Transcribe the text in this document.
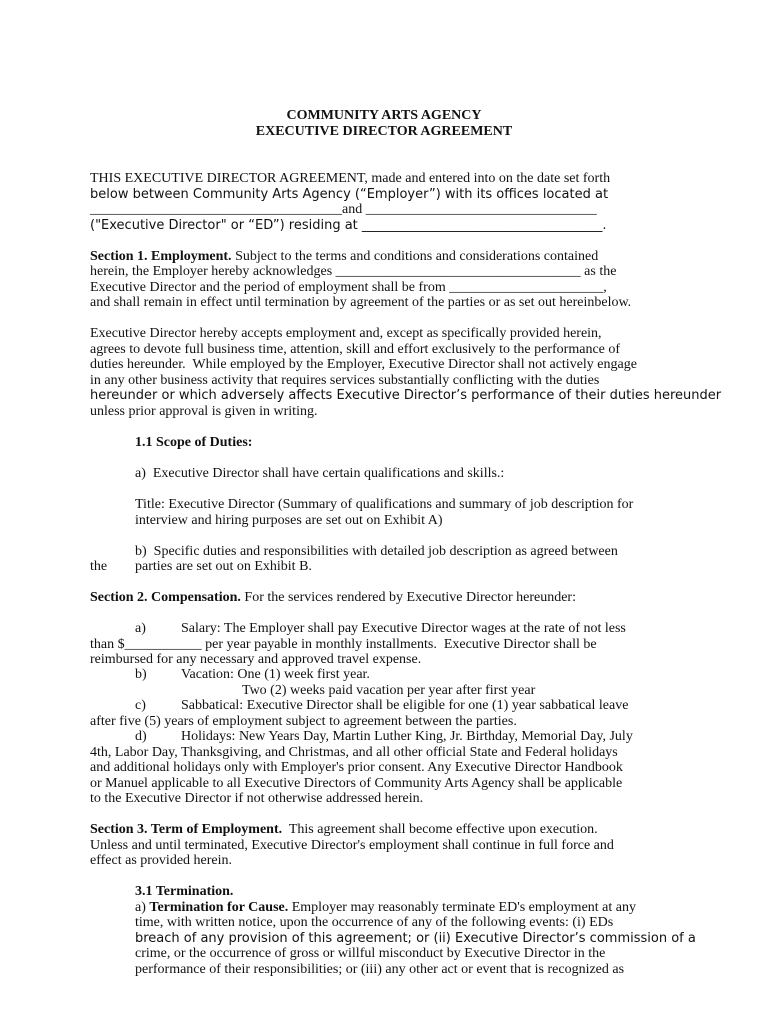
COMMUNITY ARTS AGENCY
EXECUTIVE DIRECTOR AGREEMENT
THIS EXECUTIVE DIRECTOR AGREEMENT, made and entered into on the date set forth
below between Community Arts Agency (“Employer”) with its offices located at
____________________________________and _________________________________
("Executive Director" or “ED”) residing at _____________________________________.
Section 1. Employment. Subject to the terms and conditions and considerations contained
herein, the Employer hereby acknowledges ___________________________________ as the
Executive Director and the period of employment shall be from ______________________,
and shall remain in effect until termination by agreement of the parties or as set out hereinbelow.
Executive Director hereby accepts employment and, except as specifically provided herein,
agrees to devote full business time, attention, skill and effort exclusively to the performance of
duties hereunder.  While employed by the Employer, Executive Director shall not actively engage
in any other business activity that requires services substantially conflicting with the duties
hereunder or which adversely affects Executive Director’s performance of their duties hereunder
unless prior approval is given in writing.
1.1 Scope of Duties:
a)  Executive Director shall have certain qualifications and skills.:
Title: Executive Director (Summary of qualifications and summary of job description for
interview and hiring purposes are set out on Exhibit A)
b)  Specific duties and responsibilities with detailed job description as agreed between
the parties are set out on Exhibit B.
Section 2. Compensation. For the services rendered by Executive Director hereunder:
a)	Salary: The Employer shall pay Executive Director wages at the rate of not less
than $___________ per year payable in monthly installments.  Executive Director shall be
reimbursed for any necessary and approved travel expense.
b) Vacation: One (1) week first year.
Two (2) weeks paid vacation per year after first year
c)	Sabbatical: Executive Director shall be eligible for one (1) year sabbatical leave
after five (5) years of employment subject to agreement between the parties.
d) Holidays: New Years Day, Martin Luther King, Jr. Birthday, Memorial Day, July
4th, Labor Day, Thanksgiving, and Christmas, and all other official State and Federal holidays
and additional holidays only with Employer's prior consent. Any Executive Director Handbook
or Manuel applicable to all Executive Directors of Community Arts Agency shall be applicable
to the Executive Director if not otherwise addressed herein.
Section 3. Term of Employment.  This agreement shall become effective upon execution.
Unless and until terminated, Executive Director's employment shall continue in full force and
effect as provided herein.
3.1 Termination.
a) Termination for Cause. Employer may reasonably terminate ED's employment at any
time, with written notice, upon the occurrence of any of the following events: (i) EDs
breach of any provision of this agreement; or (ii) Executive Director’s commission of a
crime, or the occurrence of gross or willful misconduct by Executive Director in the
performance of their responsibilities; or (iii) any other act or event that is recognized as
